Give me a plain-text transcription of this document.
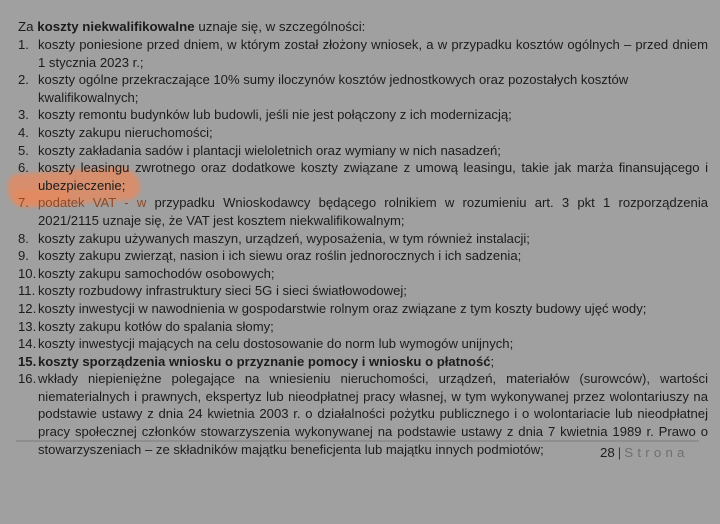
Za koszty niekwalifikowalne uznaje się, w szczególności:
1. koszty poniesione przed dniem, w którym został złożony wniosek, a w przypadku kosztów ogólnych – przed dniem 1 stycznia 2023 r.;
2. koszty ogólne przekraczające 10% sumy iloczynów kosztów jednostkowych oraz pozostałych kosztów kwalifikowalnych;
3. koszty remontu budynków lub budowli, jeśli nie jest połączony z ich modernizacją;
4. koszty zakupu nieruchomości;
5. koszty zakładania sadów i plantacji wieloletnich oraz wymiany w nich nasadzeń;
6. koszty leasingu zwrotnego oraz dodatkowe koszty związane z umową leasingu, takie jak marża finansującego i ubezpieczenie;
7. podatek VAT - w przypadku Wnioskodawcy będącego rolnikiem w rozumieniu art. 3 pkt 1 rozporządzenia 2021/2115 uznaje się, że VAT jest kosztem niekwalifikowalnym;
8. koszty zakupu używanych maszyn, urządzeń, wyposażenia, w tym również instalacji;
9. koszty zakupu zwierząt, nasion i ich siewu oraz roślin jednorocznych i ich sadzenia;
10. koszty zakupu samochodów osobowych;
11. koszty rozbudowy infrastruktury sieci 5G i sieci światłowodowej;
12. koszty inwestycji w nawodnienia w gospodarstwie rolnym oraz związane z tym koszty budowy ujęć wody;
13. koszty zakupu kotłów do spalania słomy;
14. koszty inwestycji mających na celu dostosowanie do norm lub wymogów unijnych;
15. koszty sporządzenia wniosku o przyznanie pomocy i wniosku o płatność;
16. wkłady niepieniężne polegające na wniesieniu nieruchomości, urządzeń, materiałów (surowców), wartości niematerialnych i prawnych, ekspertyz lub nieodpłatnej pracy własnej, w tym wykonywanej przez wolontariuszy na podstawie ustawy z dnia 24 kwietnia 2003 r. o działalności pożytku publicznego i o wolontariacie lub nieodpłatnej pracy społecznej członków stowarzyszenia wykonywanej na podstawie ustawy z dnia 7 kwietnia 1989 r. Prawo o stowarzyszeniach – ze składników majątku beneficjenta lub majątku innych podmiotów;	28 | Strona
